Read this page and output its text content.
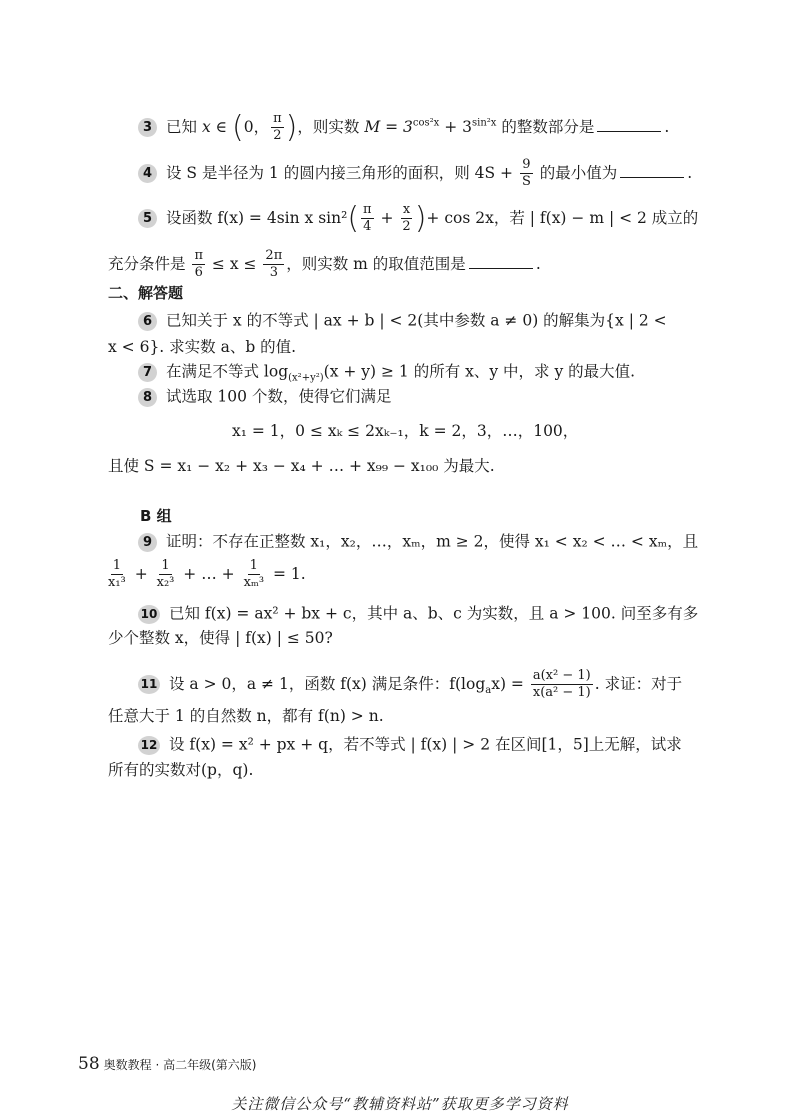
3 已知 x ∈ (0， $\frac{\pi}{2}$ )，则实数 $M = 3^{cos^2x} + 3^{sin^2x}$ 的整数部分是	.
4 设 S 是半径为 1 的圆内接三角形的面积，则 $4S + \frac{9}{S}$ 的最小值为	.
5 设函数 f(x) = 4sin x $\sin^2( \frac{\pi}{4} + \frac{x}{2}$ )+ cos 2x，若 | f(x) − m | < 2 成立的
充分条件是 $\frac{\pi}{6} \le x \le \frac{2\pi}{3}$ ，则实数 m 的取值范围是	.
二、解答题
6 已知关于 x 的不等式 | ax + b | < 2(其中参数 a ≠ 0) 的解集为{x | 2 <
x < 6}. 求实数 a、b 的值.
7 在满足不等式 $\log_{(x^2+y^2)}(x + y) \ge 1$ 的所有 x、y 中，求 y 的最大值.
8 试选取 100 个数，使得它们满足
x₁ = 1，0 ≤ xₖ ≤ 2xₖ₋₁，k = 2，3，…，100，
且使 S = x₁ − x₂ + x₃ − x₄ + … + x₉₉ − x₁₀₀ 为最大.
B 组
9 证明：不存在正整数 x₁，x₂，…，xₘ，m ≥ 2，使得 x₁ < x₂ < … < xₘ，且
$\frac{1}{\text{x₁³}} + \frac{1}{\text{x₂³}}$ + … + $\frac{1}{\text{xₘ³}} = 1$.
10 已知 f(x) = ax² + bx + c，其中 a、b、c 为实数，且 a > 100. 问至多有多
少个整数 x，使得 | f(x) | ≤ 50?
11 设 a > 0，a ≠ 1，函数 f(x) 满足条件：$f(\log_ax) = \frac{\text{a(x² − 1)}}{\text{x(a² − 1)}}$ . 求证：对于
任意大于 1 的自然数 n，都有 f(n) > n.
12 设 f(x) = x² + px + q，若不等式 | f(x) | > 2 在区间[1，5]上无解，试求
所有的实数对(p，q).
58 奥数教程 · 高二年级(第六版)
关注微信公众号“教辅资料站”获取更多学习资料
